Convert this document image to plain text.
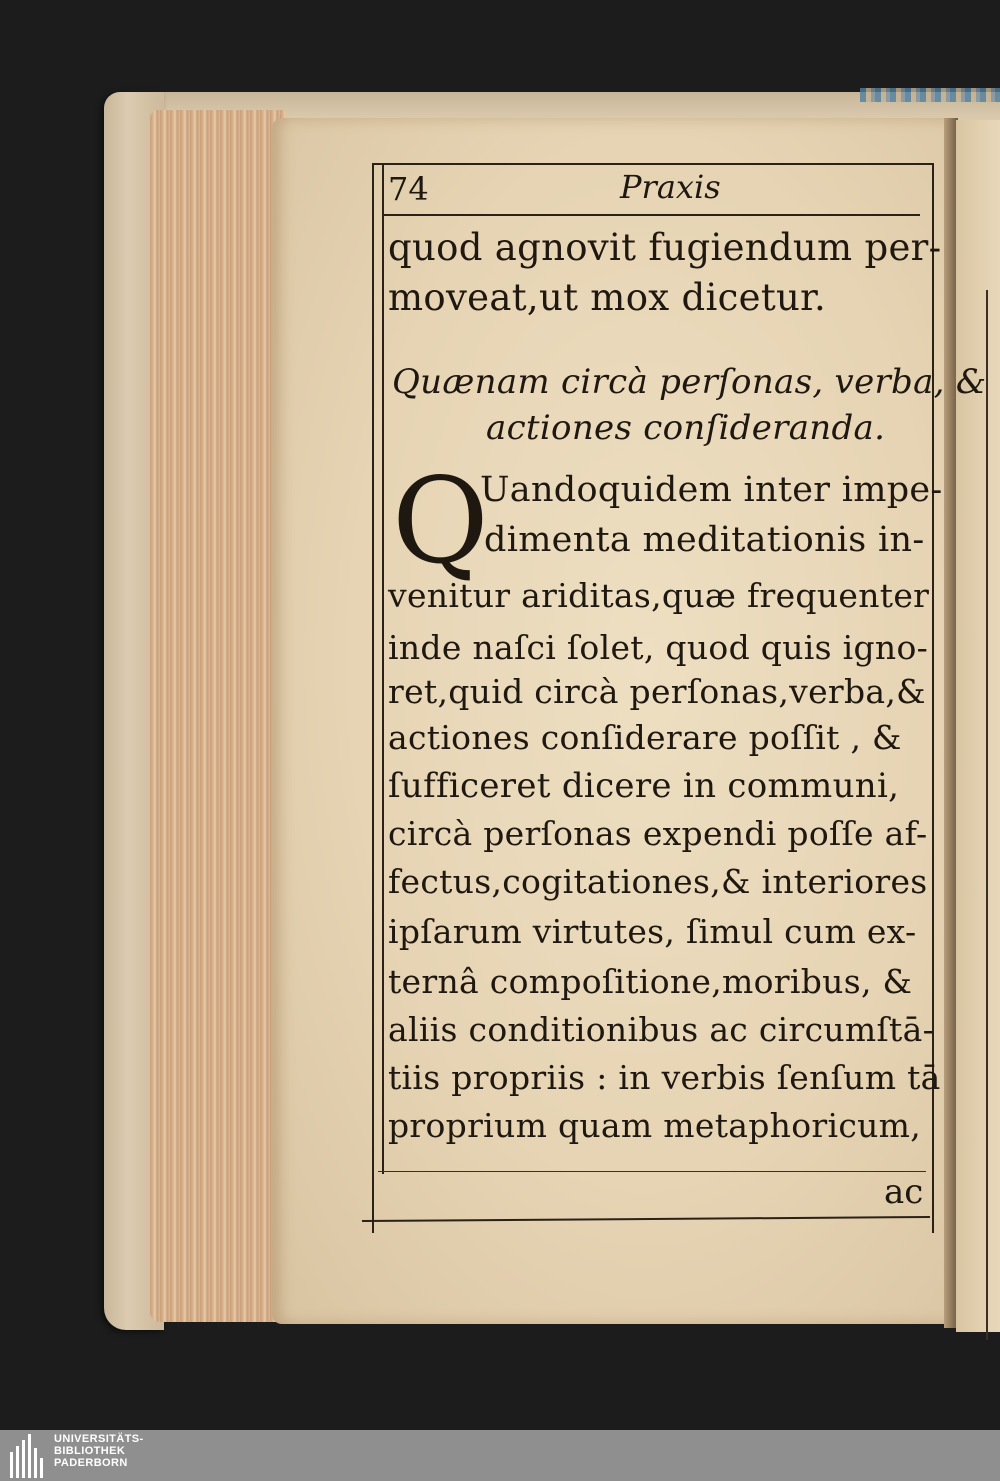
74	Praxis
quod agnovit fugiendum per-
moveat,ut mox dicetur.
Quænam circà perſonas, verba, &
actiones conſideranda.
Q
Uandoquidem inter impe-
dimenta meditationis in-
venitur ariditas,quæ frequenter
inde naſci ſolet, quod quis igno-
ret,quid circà perſonas,verba,&
actiones conſiderare poſſit , &
ſufficeret dicere in communi,
circà perſonas expendi poſſe af-
fectus,cogitationes,& interiores
ipſarum virtutes, ſimul cum ex-
ternâ compoſitione,moribus, &
aliis conditionibus ac circumſtā-
tiis propriis : in verbis ſenſum tā
proprium quam metaphoricum,
ac
UNIVERSITÄTS-
BIBLIOTHEK
PADERBORN
